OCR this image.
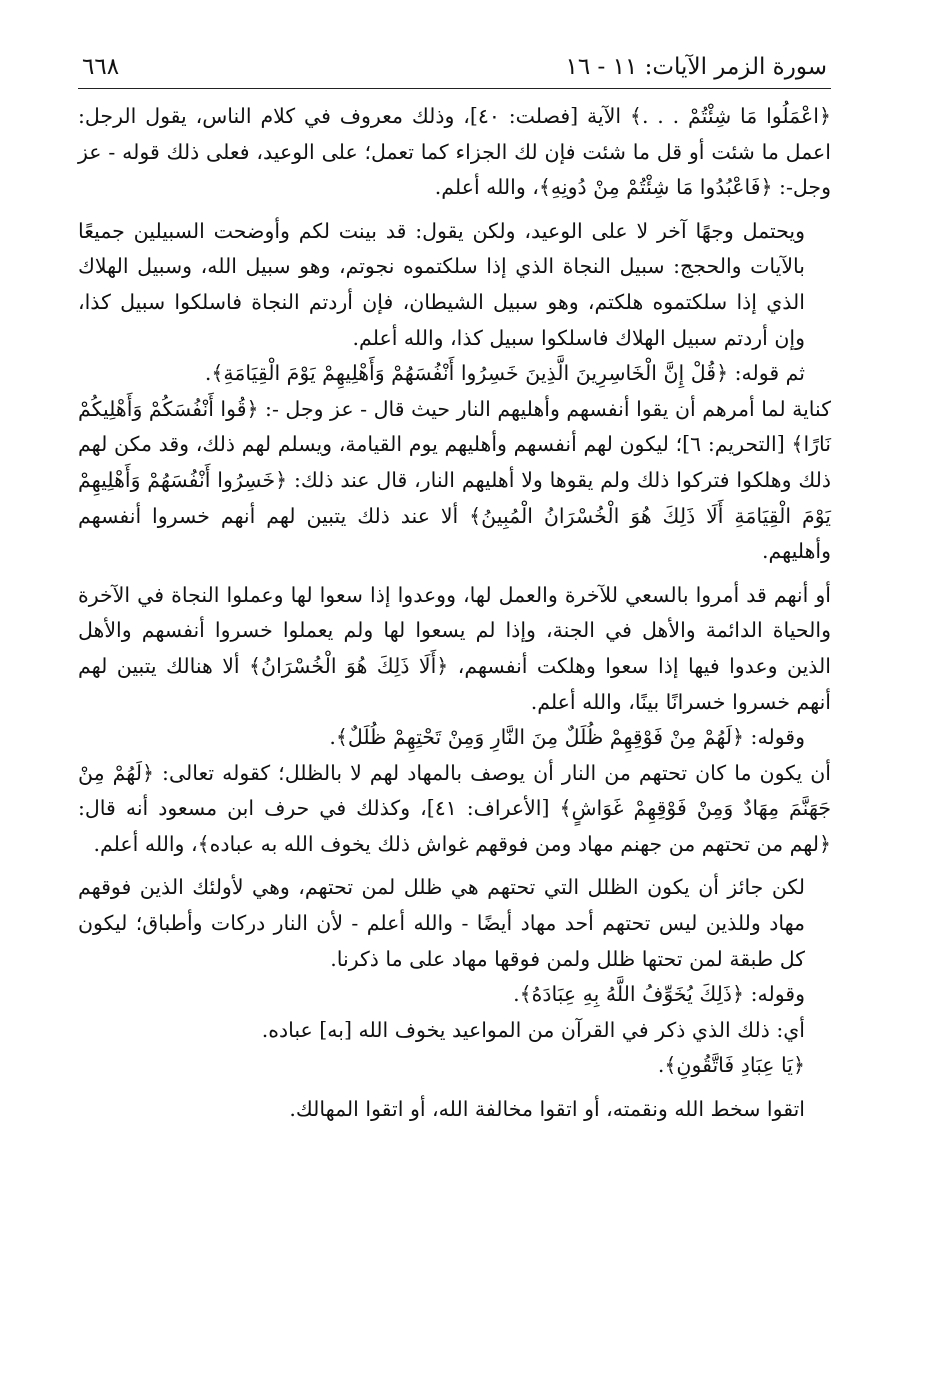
سورة الزمر الآيات: ١١ - ١٦
٦٦٨

﴿اعْمَلُوا مَا شِئْتُمْ . . .﴾ الآية [فصلت: ٤٠]، وذلك معروف في كلام الناس، يقول الرجل: اعمل ما شئت أو قل ما شئت فإن لك الجزاء كما تعمل؛ على الوعيد، فعلى ذلك قوله - عز وجل-: ﴿فَاعْبُدُوا مَا شِئْتُمْ مِنْ دُونِهِ﴾، والله أعلم.

ويحتمل وجهًا آخر لا على الوعيد، ولكن يقول: قد بينت لكم وأوضحت السبيلين جميعًا بالآيات والحجج: سبيل النجاة الذي إذا سلكتموه نجوتم، وهو سبيل الله، وسبيل الهلاك الذي إذا سلكتموه هلكتم، وهو سبيل الشيطان، فإن أردتم النجاة فاسلكوا سبيل كذا، وإن أردتم سبيل الهلاك فاسلكوا سبيل كذا، والله أعلم.

ثم قوله: ﴿قُلْ إِنَّ الْخَاسِرِينَ الَّذِينَ خَسِرُوا أَنْفُسَهُمْ وَأَهْلِيهِمْ يَوْمَ الْقِيَامَةِ﴾.

كناية لما أمرهم أن يقوا أنفسهم وأهليهم النار حيث قال - عز وجل -: ﴿قُوا أَنْفُسَكُمْ وَأَهْلِيكُمْ نَارًا﴾ [التحريم: ٦]؛ ليكون لهم أنفسهم وأهليهم يوم القيامة، ويسلم لهم ذلك، وقد مكن لهم ذلك وهلكوا فتركوا ذلك ولم يقوها ولا أهليهم النار، قال عند ذلك: ﴿خَسِرُوا أَنْفُسَهُمْ وَأَهْلِيهِمْ يَوْمَ الْقِيَامَةِ أَلَا ذَلِكَ هُوَ الْخُسْرَانُ الْمُبِينُ﴾ ألا عند ذلك يتبين لهم أنهم خسروا أنفسهم وأهليهم.

أو أنهم قد أمروا بالسعي للآخرة والعمل لها، ووعدوا إذا سعوا لها وعملوا النجاة في الآخرة والحياة الدائمة والأهل في الجنة، وإذا لم يسعوا لها ولم يعملوا خسروا أنفسهم والأهل الذين وعدوا فيها إذا سعوا وهلكت أنفسهم، ﴿أَلَا ذَلِكَ هُوَ الْخُسْرَانُ﴾ ألا هنالك يتبين لهم أنهم خسروا خسرانًا بينًا، والله أعلم.

وقوله: ﴿لَهُمْ مِنْ فَوْقِهِمْ ظُلَلٌ مِنَ النَّارِ وَمِنْ تَحْتِهِمْ ظُلَلٌ﴾.

أن يكون ما كان تحتهم من النار أن يوصف بالمهاد لهم لا بالظلل؛ كقوله تعالى: ﴿لَهُمْ مِنْ جَهَنَّمَ مِهَادٌ وَمِنْ فَوْقِهِمْ غَوَاشٍ﴾ [الأعراف: ٤١]، وكذلك في حرف ابن مسعود أنه قال: ﴿لهم من تحتهم من جهنم مهاد ومن فوقهم غواش ذلك يخوف الله به عباده﴾، والله أعلم.

لكن جائز أن يكون الظلل التي تحتهم هي ظلل لمن تحتهم، وهي لأولئك الذين فوقهم مهاد وللذين ليس تحتهم أحد مهاد أيضًا - والله أعلم - لأن النار دركات وأطباق؛ ليكون كل طبقة لمن تحتها ظلل ولمن فوقها مهاد على ما ذكرنا.

وقوله: ﴿ذَلِكَ يُخَوِّفُ اللَّهُ بِهِ عِبَادَهُ﴾.

أي: ذلك الذي ذكر في القرآن من المواعيد يخوف الله [به] عباده.

﴿يَا عِبَادِ فَاتَّقُونِ﴾.

اتقوا سخط الله ونقمته، أو اتقوا مخالفة الله، أو اتقوا المهالك.
